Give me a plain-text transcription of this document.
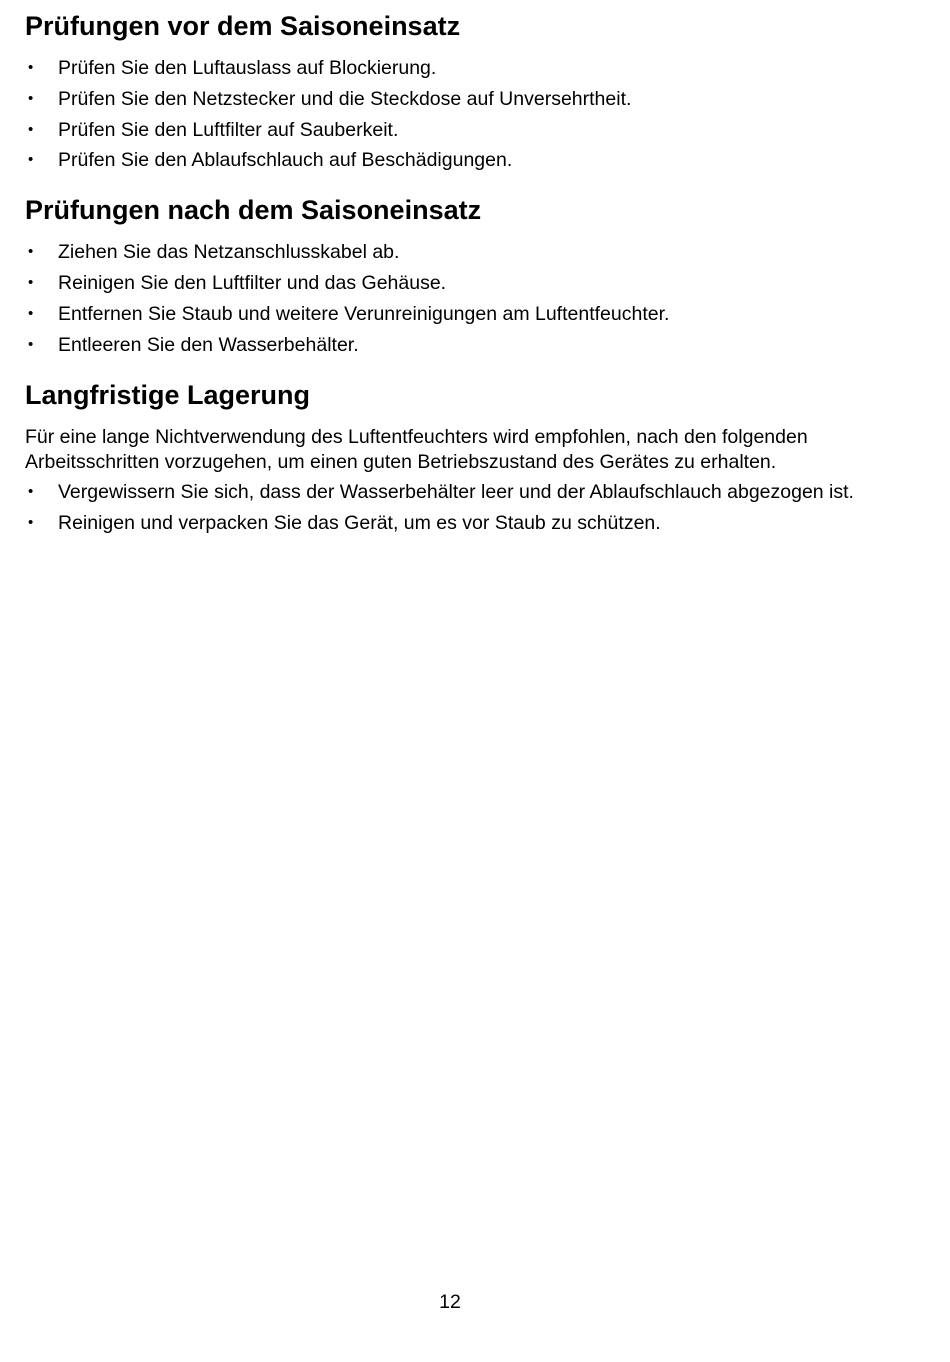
Prüfungen vor dem Saisoneinsatz
• Prüfen Sie den Luftauslass auf Blockierung.
• Prüfen Sie den Netzstecker und die Steckdose auf Unversehrtheit.
• Prüfen Sie den Luftfilter auf Sauberkeit.
• Prüfen Sie den Ablaufschlauch auf Beschädigungen.
Prüfungen nach dem Saisoneinsatz
• Ziehen Sie das Netzanschlusskabel ab.
• Reinigen Sie den Luftfilter und das Gehäuse.
• Entfernen Sie Staub und weitere Verunreinigungen am Luftentfeuchter.
• Entleeren Sie den Wasserbehälter.
Langfristige Lagerung

Für eine lange Nichtverwendung des Luftentfeuchters wird empfohlen, nach den folgenden Arbeitsschritten vorzugehen, um einen guten Betriebszustand des Gerätes zu erhalten.

• Vergewissern Sie sich, dass der Wasserbehälter leer und der Ablaufschlauch abgezogen ist.
• Reinigen und verpacken Sie das Gerät, um es vor Staub zu schützen.
12
